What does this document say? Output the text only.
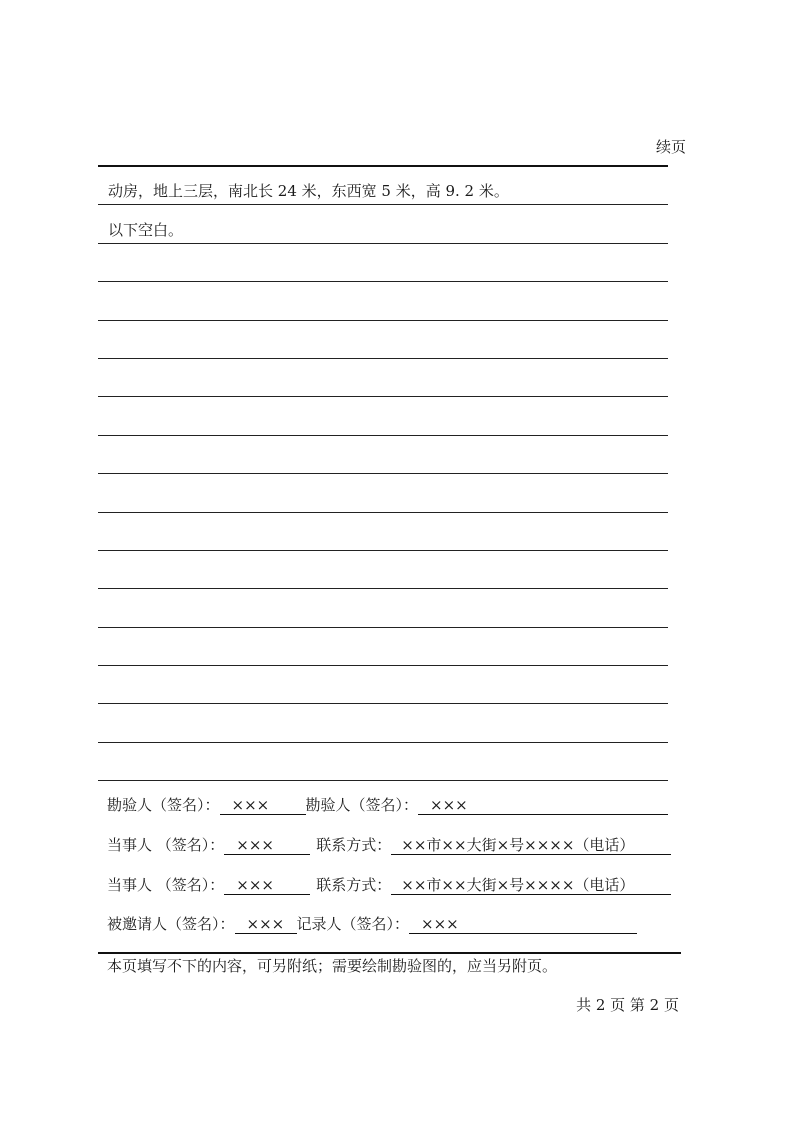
续页
动房，地上三层，南北长 24 米，东西宽 5 米，高 9. 2 米。
以下空白。
勘验人（签名）： ××× 勘验人（签名）： ×××
当事人 （签名）： ×××	联系方式： ××市××大街×号××××（电话）
当事人 （签名）： ×××	联系方式： ××市××大街×号××××（电话）
被邀请人（签名）： ××× 记录人（签名）： ×××
本页填写不下的内容，可另附纸；需要绘制勘验图的，应当另附页。
共 2 页 第 2 页
